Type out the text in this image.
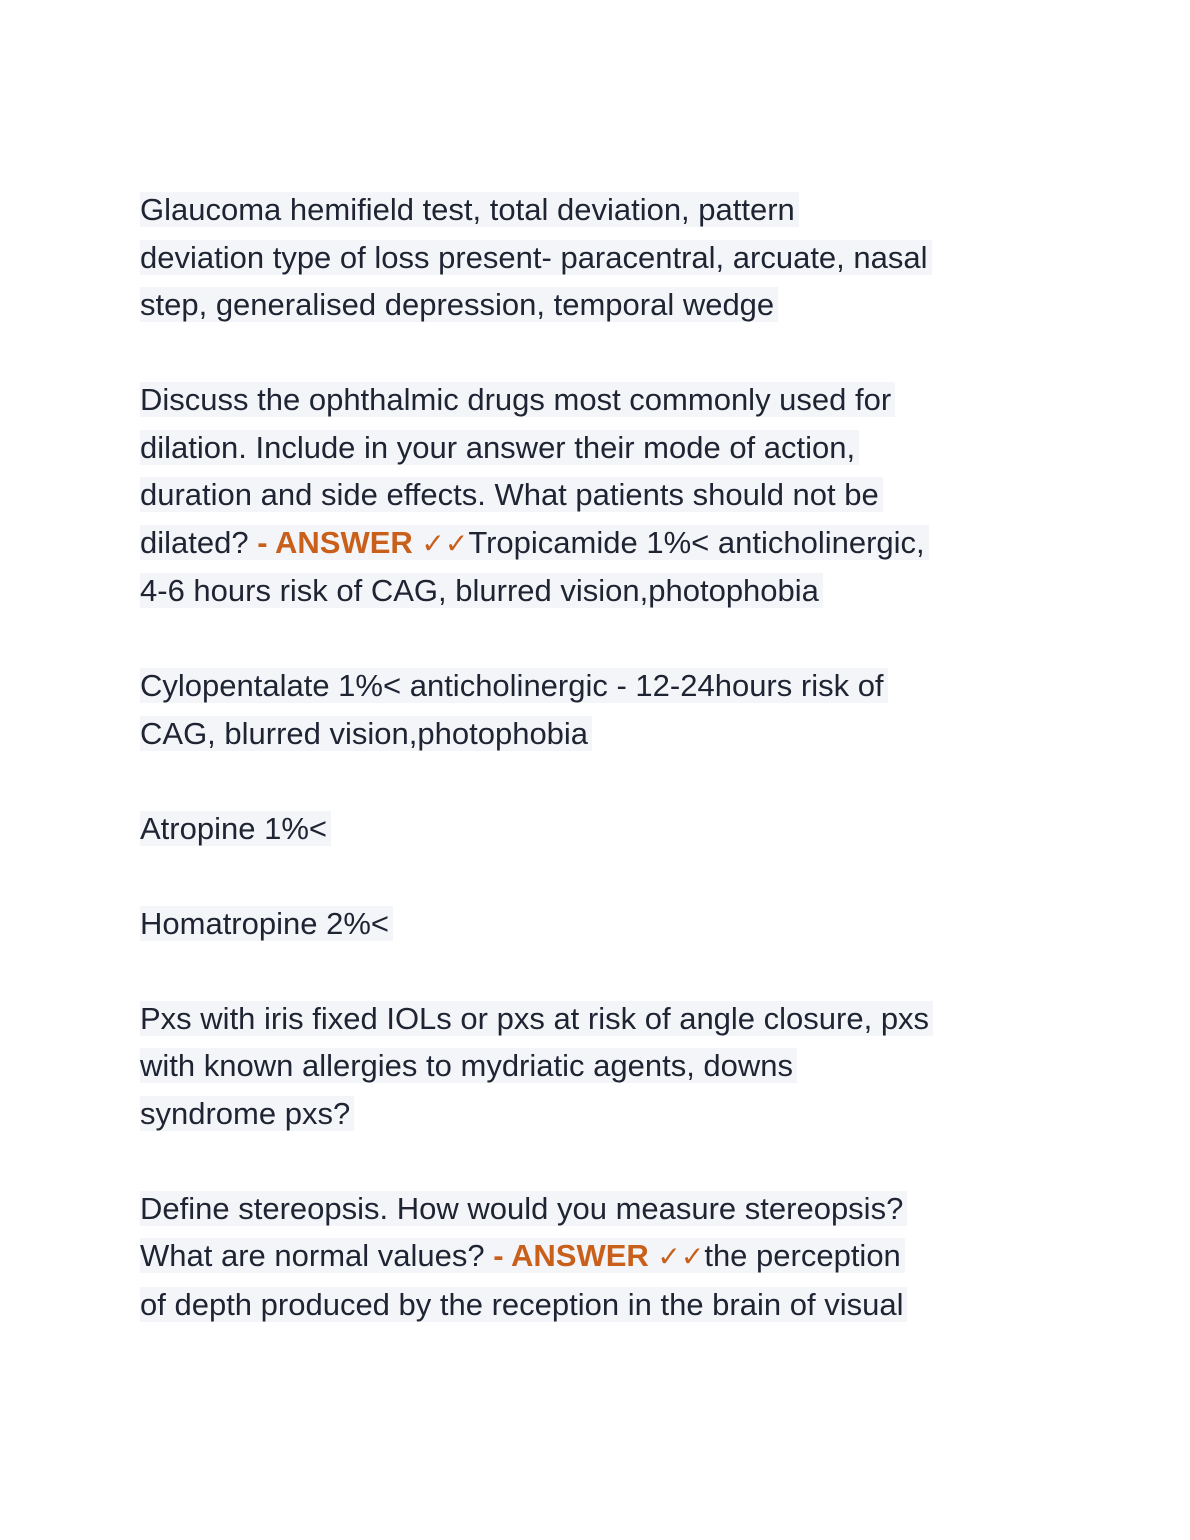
Glaucoma hemifield test, total deviation, pattern
deviation type of loss present- paracentral, arcuate, nasal
step, generalised depression, temporal wedge
Discuss the ophthalmic drugs most commonly used for
dilation. Include in your answer their mode of action,
duration and side effects. What patients should not be
dilated? - ANSWER ✓✓Tropicamide 1%< anticholinergic,
4-6 hours risk of CAG, blurred vision,photophobia
Cylopentalate 1%< anticholinergic - 12-24hours risk of
CAG, blurred vision,photophobia
Atropine 1%<
Homatropine 2%<
Pxs with iris fixed IOLs or pxs at risk of angle closure, pxs
with known allergies to mydriatic agents, downs
syndrome pxs?
Define stereopsis. How would you measure stereopsis?
What are normal values? - ANSWER ✓✓the perception
of depth produced by the reception in the brain of visual
